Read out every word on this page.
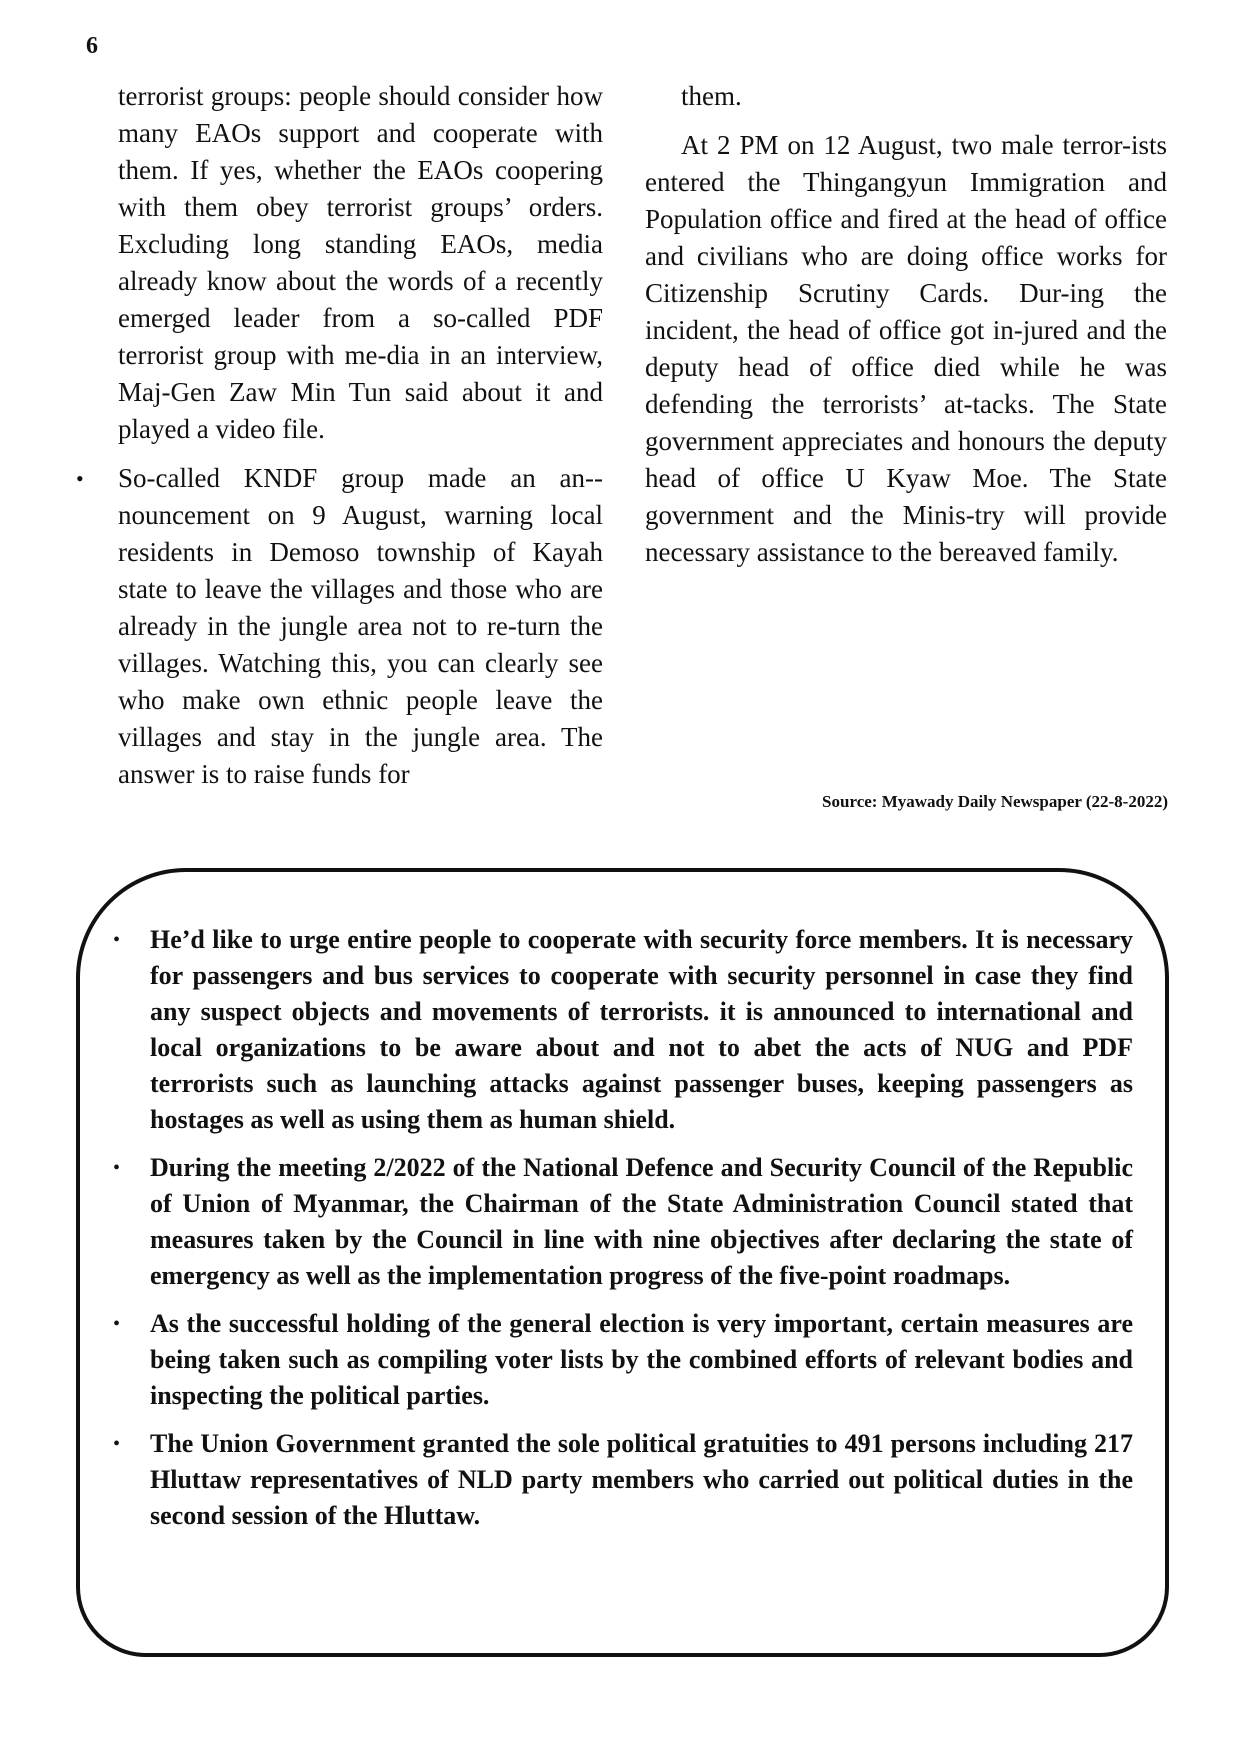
6

terrorist groups: people should consider how many EAOs support and cooperate with them. If yes, whether the EAOs coopering with them obey terrorist groups’ orders. Excluding long standing EAOs, media already know about the words of a recently emerged leader from a so-called PDF terrorist group with me-dia in an interview, Maj-Gen Zaw Min Tun said about it and played a video file.

• So-called KNDF group made an an-nouncement on 9 August, warning local residents in Demoso township of Kayah state to leave the villages and those who are already in the jungle area not to re-turn the villages. Watching this, you can clearly see who make own ethnic people leave the villages and stay in the jungle area. The answer is to raise funds for

them.

At 2 PM on 12 August, two male terror-ists entered the Thingangyun Immigration and Population office and fired at the head of office and civilians who are doing office works for Citizenship Scrutiny Cards. Dur-ing the incident, the head of office got in-jured and the deputy head of office died while he was defending the terrorists’ at-tacks. The State government appreciates and honours the deputy head of office U Kyaw Moe. The State government and the Minis-try will provide necessary assistance to the bereaved family.

Source: Myawady Daily Newspaper (22-8-2022)
• He’d like to urge entire people to cooperate with security force members. It is necessary for passengers and bus services to cooperate with security personnel in case they find any suspect objects and movements of terrorists. it is announced to international and local organizations to be aware about and not to abet the acts of NUG and PDF terrorists such as launching attacks against passenger buses, keeping passengers as hostages as well as using them as human shield.
• During the meeting 2/2022 of the National Defence and Security Council of the Republic of Union of Myanmar, the Chairman of the State Administration Council stated that measures taken by the Council in line with nine objectives after declaring the state of emergency as well as the implementation progress of the five-point roadmaps.
• As the successful holding of the general election is very important, certain measures are being taken such as compiling voter lists by the combined efforts of relevant bodies and inspecting the political parties.
• The Union Government granted the sole political gratuities to 491 persons including 217 Hluttaw representatives of NLD party members who carried out political duties in the second session of the Hluttaw.
